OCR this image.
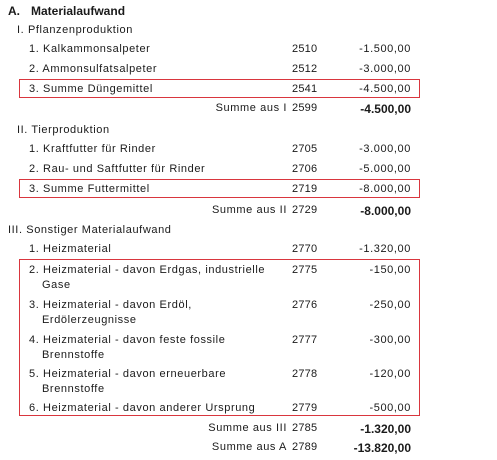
A. Materialaufwand
I. Pflanzenproduktion
1. Kalkammonsalpeter	2510	-1.500,00
2. Ammonsulfatsalpeter	2512	-3.000,00
3. Summe Düngemittel	2541	-4.500,00
Summe aus I 2599	-4.500,00
II. Tierproduktion
1. Kraftfutter für Rinder	2705	-3.000,00
2. Rau- und Saftfutter für Rinder	2706	-5.000,00
3. Summe Futtermittel	2719	-8.000,00
Summe aus II 2729	-8.000,00
III. Sonstiger Materialaufwand
1. Heizmaterial	2770	-1.320,00
2. Heizmaterial - davon Erdgas, industrielle
Gase
2775	-150,00
3. Heizmaterial - davon Erdöl,
Erdölerzeugnisse
2776	-250,00
4. Heizmaterial - davon feste fossile
Brennstoffe
2777	-300,00
5. Heizmaterial - davon erneuerbare
Brennstoffe
2778	-120,00
6. Heizmaterial - davon anderer Ursprung	2779	-500,00
Summe aus III 2785	-1.320,00
Summe aus A 2789	-13.820,00
